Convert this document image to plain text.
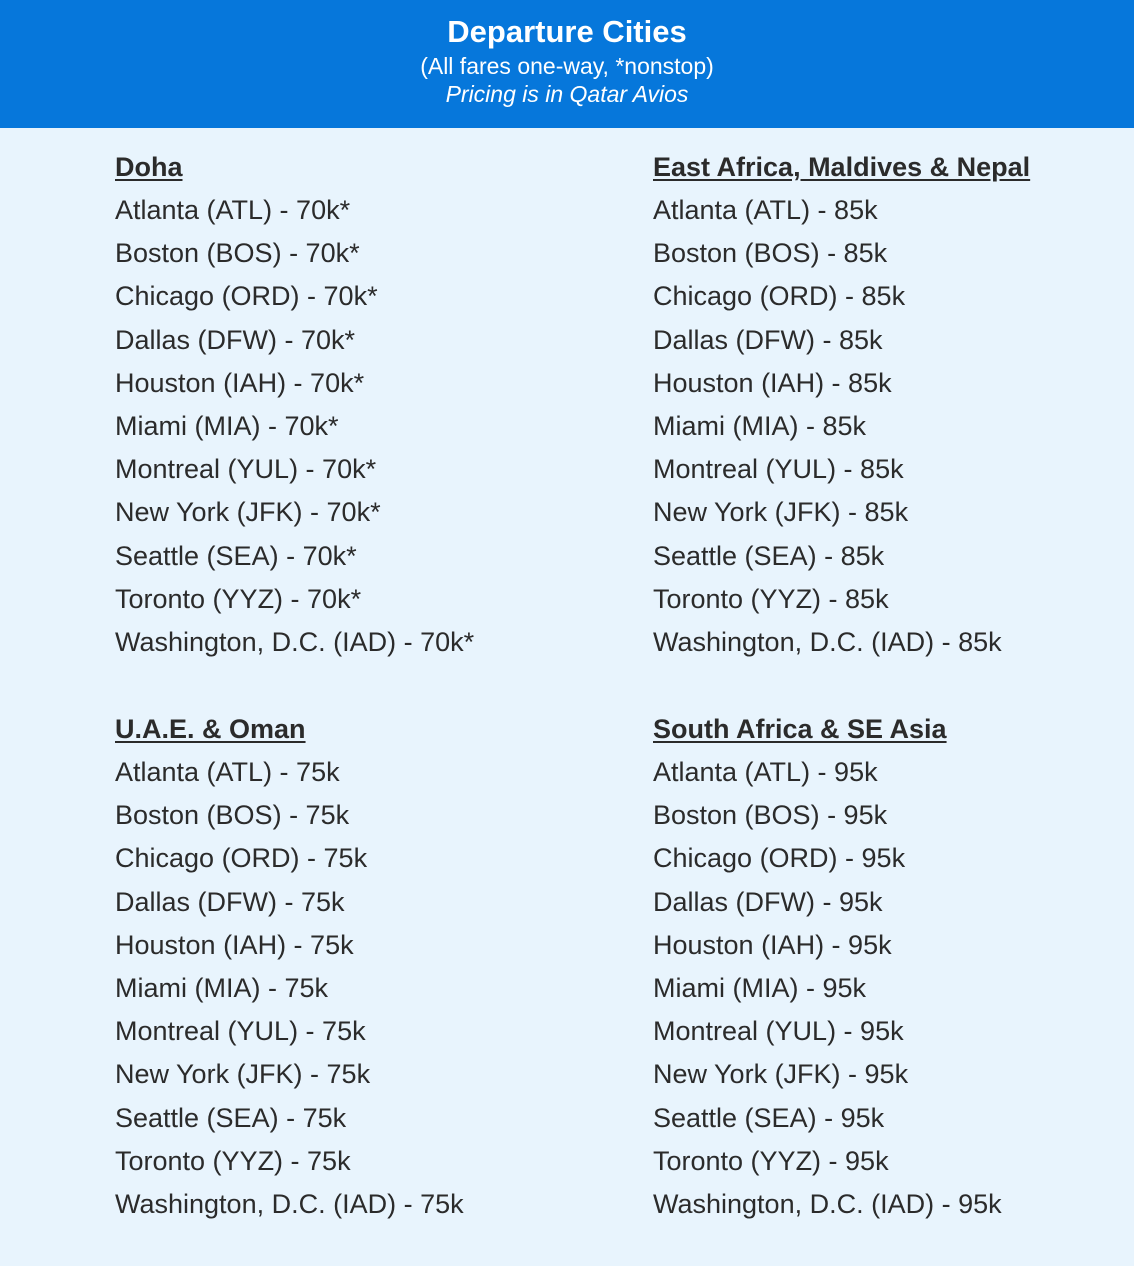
Departure Cities
(All fares one-way, *nonstop)
Pricing is in Qatar Avios
Doha
Atlanta (ATL) - 70k*
Boston (BOS) - 70k*
Chicago (ORD) - 70k*
Dallas (DFW) - 70k*
Houston (IAH) - 70k*
Miami (MIA) - 70k*
Montreal (YUL) - 70k*
New York (JFK) - 70k*
Seattle (SEA) - 70k*
Toronto (YYZ) - 70k*
Washington, D.C. (IAD) - 70k*
East Africa, Maldives & Nepal
Atlanta (ATL) - 85k
Boston (BOS) - 85k
Chicago (ORD) - 85k
Dallas (DFW) - 85k
Houston (IAH) - 85k
Miami (MIA) - 85k
Montreal (YUL) - 85k
New York (JFK) - 85k
Seattle (SEA) - 85k
Toronto (YYZ) - 85k
Washington, D.C. (IAD) - 85k
U.A.E. & Oman
Atlanta (ATL) - 75k
Boston (BOS) - 75k
Chicago (ORD) - 75k
Dallas (DFW) - 75k
Houston (IAH) - 75k
Miami (MIA) - 75k
Montreal (YUL) - 75k
New York (JFK) - 75k
Seattle (SEA) - 75k
Toronto (YYZ) - 75k
Washington, D.C. (IAD) - 75k
South Africa & SE Asia
Atlanta (ATL) - 95k
Boston (BOS) - 95k
Chicago (ORD) - 95k
Dallas (DFW) - 95k
Houston (IAH) - 95k
Miami (MIA) - 95k
Montreal (YUL) - 95k
New York (JFK) - 95k
Seattle (SEA) - 95k
Toronto (YYZ) - 95k
Washington, D.C. (IAD) - 95k
